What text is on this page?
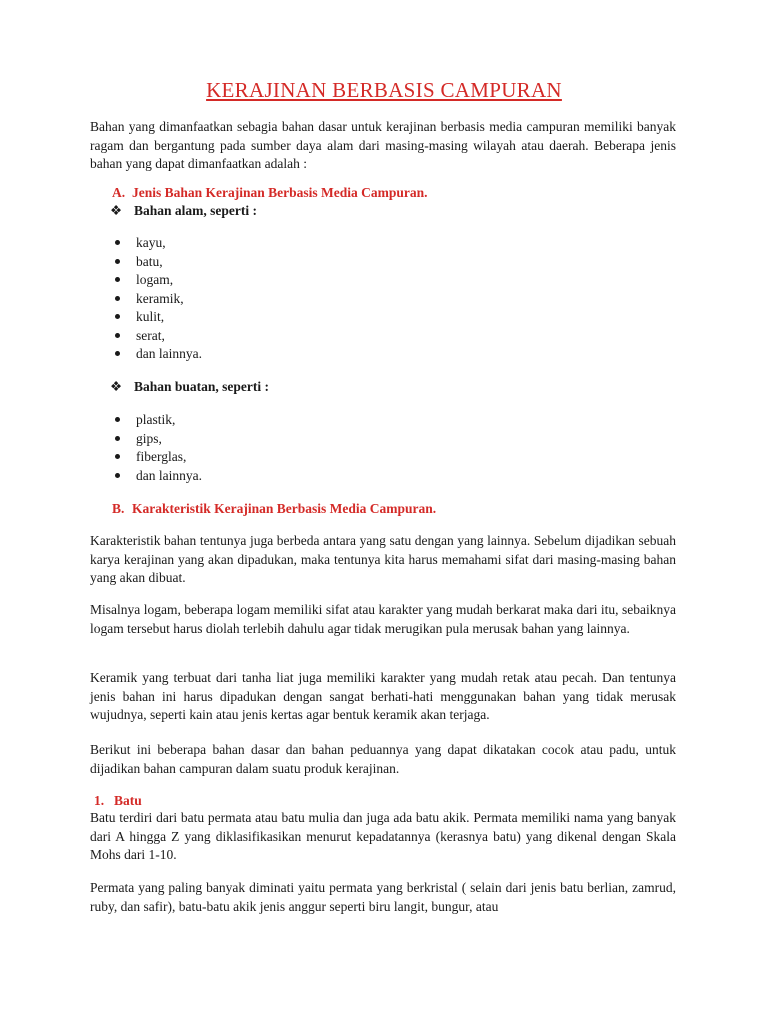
KERAJINAN BERBASIS CAMPURAN
Bahan yang dimanfaatkan sebagia bahan dasar untuk kerajinan berbasis media campuran memiliki banyak ragam dan bergantung pada sumber daya alam dari masing-masing wilayah atau daerah. Beberapa jenis bahan yang dapat dimanfaatkan adalah :
A. Jenis Bahan Kerajinan Berbasis Media Campuran.
❖ Bahan alam, seperti :
kayu,
batu,
logam,
keramik,
kulit,
serat,
dan lainnya.
❖ Bahan buatan, seperti :
plastik,
gips,
fiberglas,
dan lainnya.
B. Karakteristik Kerajinan Berbasis Media Campuran.
Karakteristik bahan tentunya juga berbeda antara yang satu dengan yang lainnya. Sebelum dijadikan sebuah karya kerajinan yang akan dipadukan, maka tentunya kita harus memahami sifat dari masing-masing bahan yang akan dibuat.
Misalnya logam, beberapa logam memiliki sifat atau karakter yang mudah berkarat maka dari itu, sebaiknya logam tersebut harus diolah terlebih dahulu agar tidak merugikan pula merusak bahan yang lainnya.
Keramik yang terbuat dari tanha liat juga memiliki karakter yang mudah retak atau pecah. Dan tentunya jenis bahan ini harus dipadukan dengan sangat berhati-hati menggunakan bahan yang tidak merusak wujudnya, seperti kain atau jenis kertas agar bentuk keramik akan terjaga.
Berikut ini beberapa bahan dasar dan bahan peduannya yang dapat dikatakan cocok atau padu, untuk dijadikan bahan campuran dalam suatu produk kerajinan.
1. Batu
Batu terdiri dari batu permata atau batu mulia dan juga ada batu akik. Permata memiliki nama yang banyak dari A hingga Z yang diklasifikasikan menurut kepadatannya (kerasnya batu) yang dikenal dengan Skala Mohs dari 1-10.
Permata yang paling banyak diminati yaitu permata yang berkristal ( selain dari jenis batu berlian, zamrud, ruby, dan safir), batu-batu akik jenis anggur seperti biru langit, bungur, atau
